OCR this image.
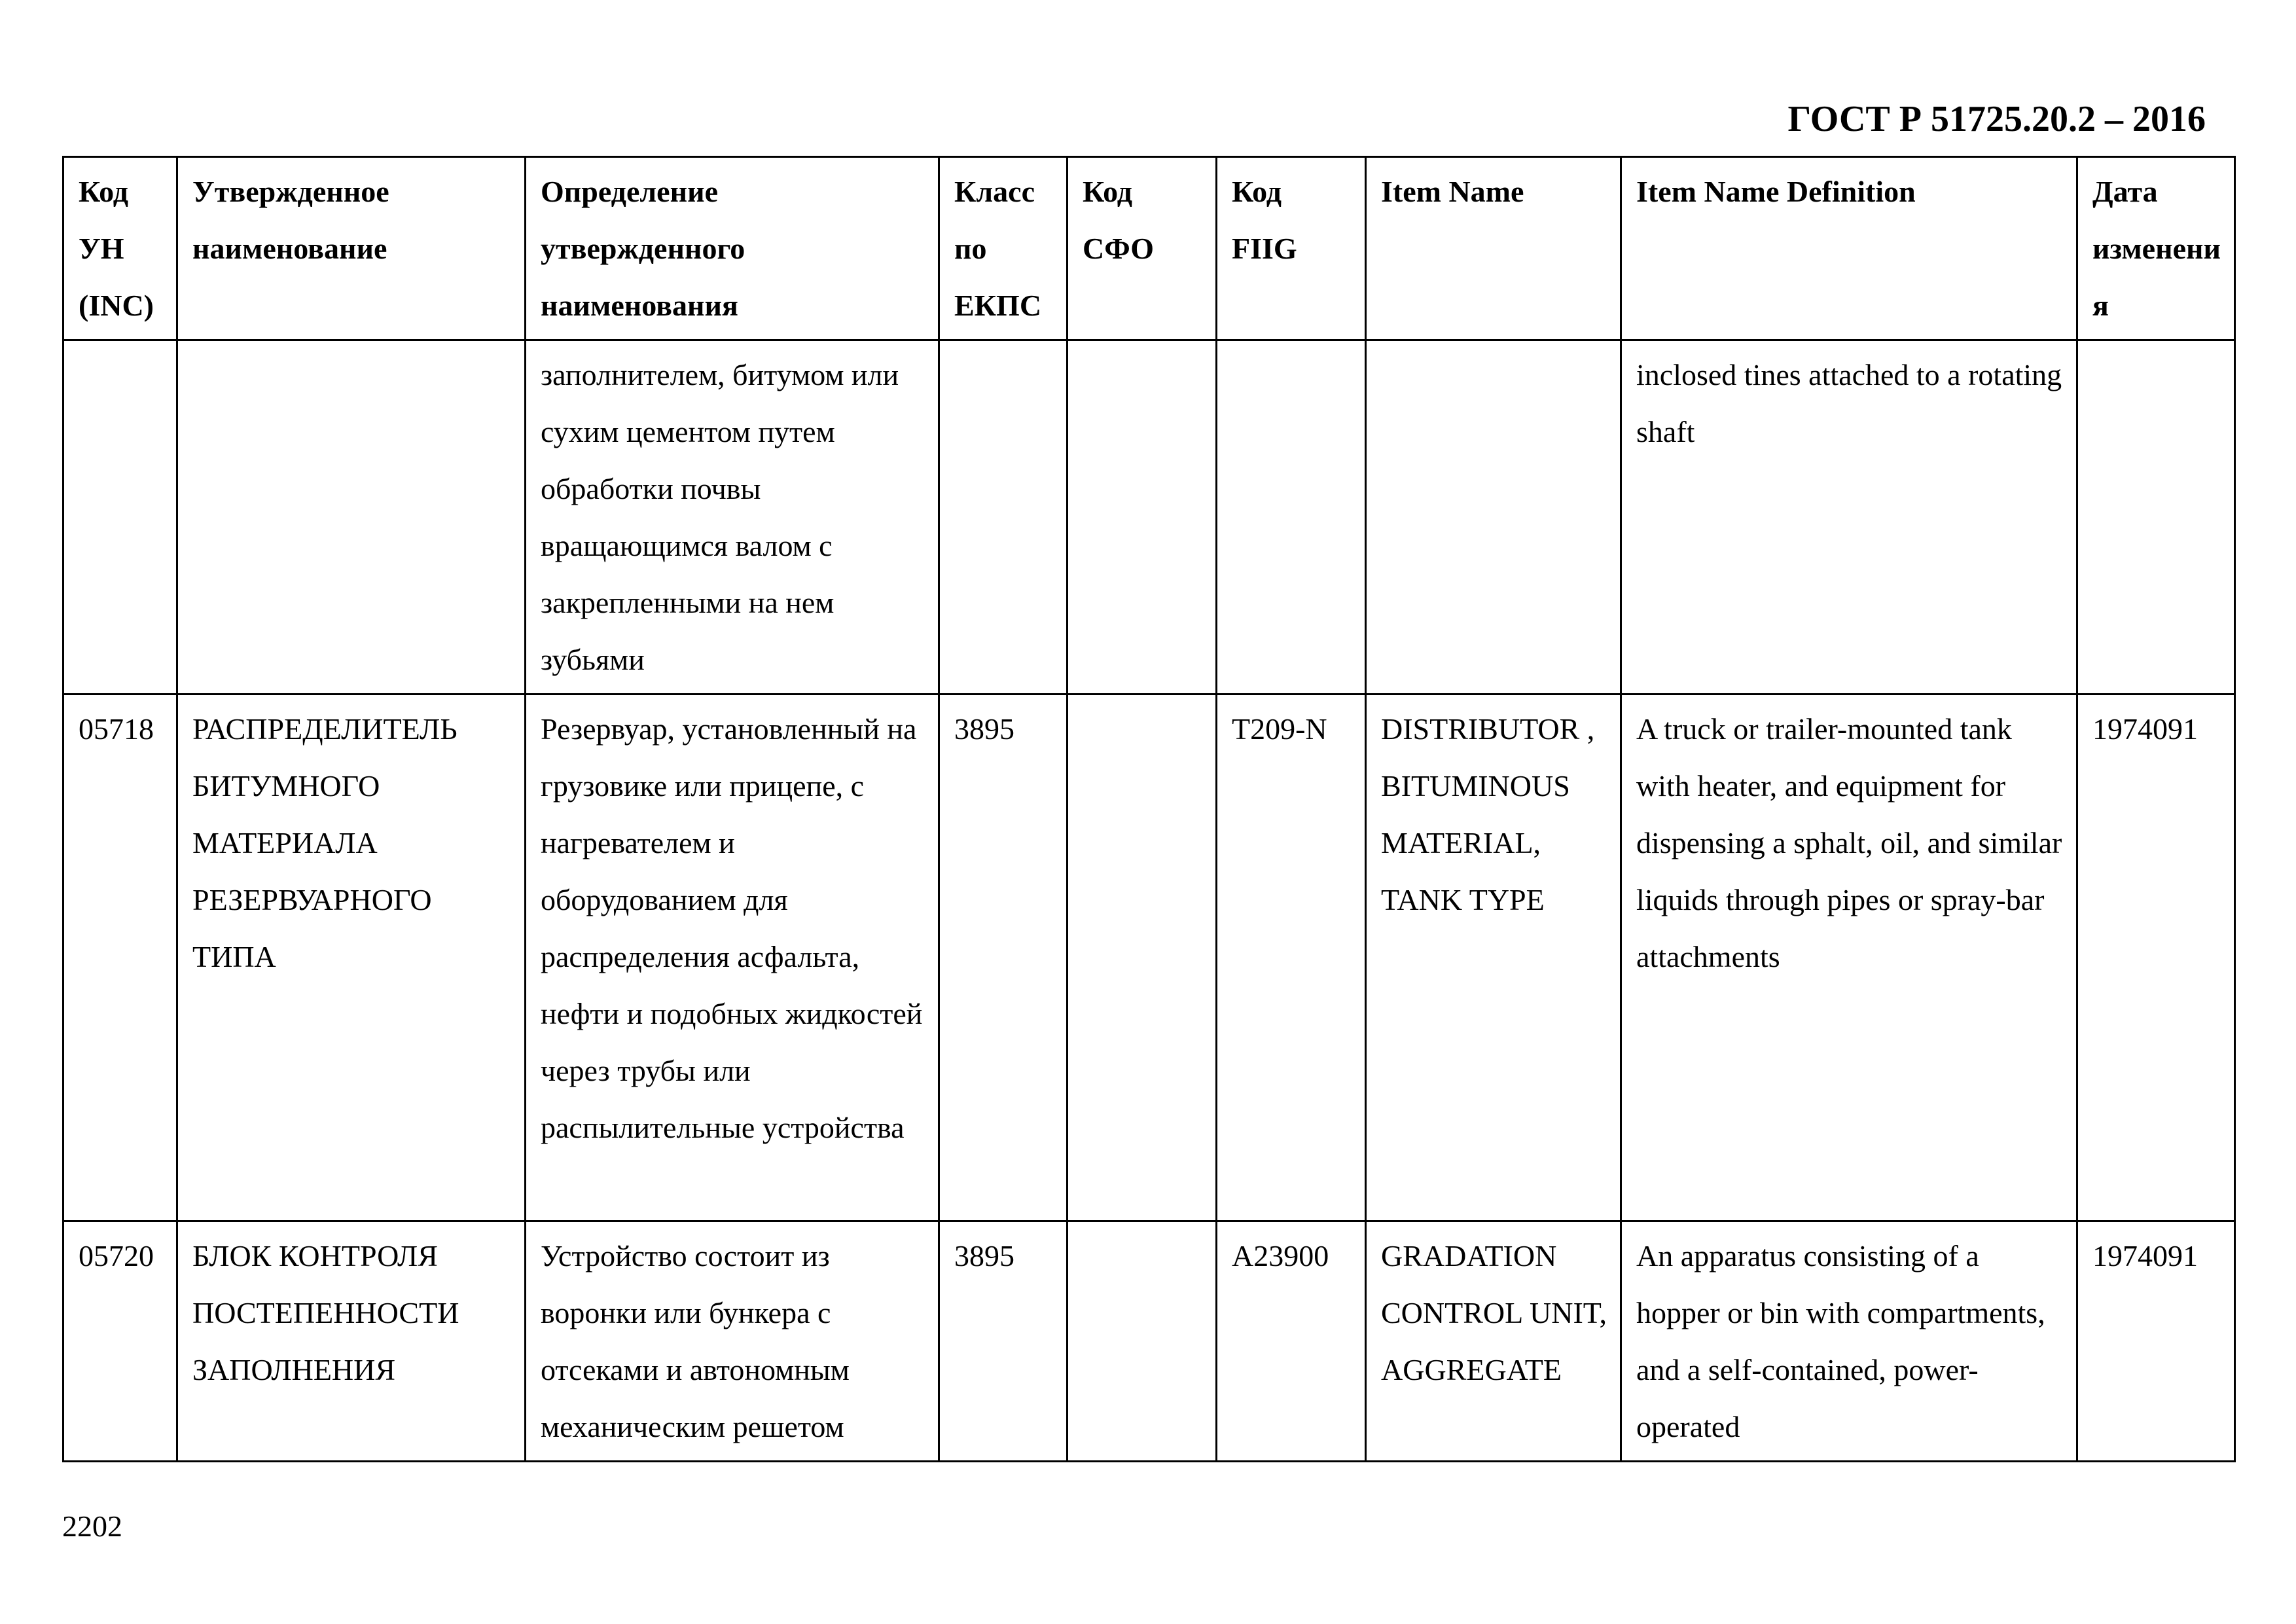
ГОСТ Р 51725.20.2 – 2016
Код УН (INC)	Утвержденное наименование	Определение утвержденного наименования	Класс по ЕКПС	Код СФО	Код FIIG	Item Name	Item Name Definition	Дата изменения
		заполнителем, битумом или сухим цементом путем обработки почвы вращающимся валом с закрепленными на нем зубьями					inclosed tines attached to a rotating shaft	
05718	РАСПРЕДЕЛИТЕЛЬ БИТУМНОГО МАТЕРИАЛА РЕЗЕРВУАРНОГО ТИПА	Резервуар, установленный на грузовике или прицепе, с нагревателем и оборудованием для распределения асфальта, нефти и подобных жидкостей через трубы или распылительные устройства	3895		T209-N	DISTRIBUTOR , BITUMINOUS MATERIAL, TANK TYPE	A truck or trailer-mounted tank with heater, and equipment for dispensing a sphalt, oil, and similar liquids through pipes or spray-bar attachments	1974091
05720	БЛОК КОНТРОЛЯ ПОСТЕПЕННОСТИ ЗАПОЛНЕНИЯ	Устройство состоит из воронки или бункера с отсеками и автономным механическим решетом	3895		A23900	GRADATION CONTROL UNIT, AGGREGATE	An apparatus consisting of a hopper or bin with compartments, and a self-contained, power-operated	1974091
2202
